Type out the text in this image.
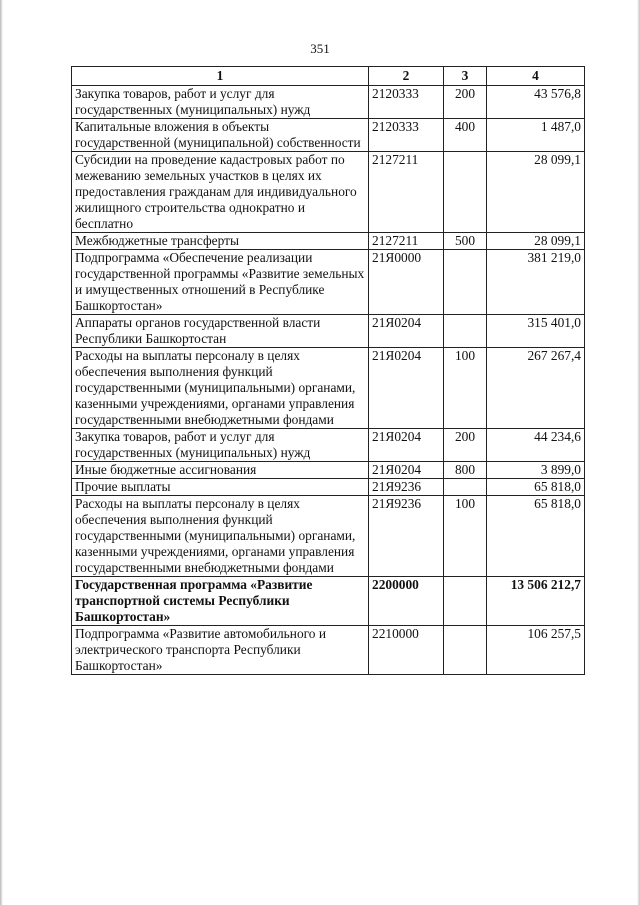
351
1	2	3	4
Закупка товаров, работ и услуг для государственных (муниципальных) нужд	2120333	200	43 576,8
Капитальные вложения в объекты государственной (муниципальной) собственности	2120333	400	1 487,0
Субсидии на проведение кадастровых работ по межеванию земельных участков в целях их предоставления гражданам для индивидуального жилищного строительства однократно и бесплатно	2127211		28 099,1
Межбюджетные трансферты	2127211	500	28 099,1
Подпрограмма «Обеспечение реализации государственной программы «Развитие земельных и имущественных отношений в Республике Башкортостан»	21Я0000		381 219,0
Аппараты органов государственной власти Республики Башкортостан	21Я0204		315 401,0
Расходы на выплаты персоналу в целях обеспечения выполнения функций государственными (муниципальными) органами, казенными учреждениями, органами управления государственными внебюджетными фондами	21Я0204	100	267 267,4
Закупка товаров, работ и услуг для государственных (муниципальных) нужд	21Я0204	200	44 234,6
Иные бюджетные ассигнования	21Я0204	800	3 899,0
Прочие выплаты	21Я9236		65 818,0
Расходы на выплаты персоналу в целях обеспечения выполнения функций государственными (муниципальными) органами, казенными учреждениями, органами управления государственными внебюджетными фондами	21Я9236	100	65 818,0
Государственная программа «Развитие транспортной системы Республики Башкортостан»	2200000		13 506 212,7
Подпрограмма «Развитие автомобильного и электрического транспорта Республики Башкортостан»	2210000		106 257,5
